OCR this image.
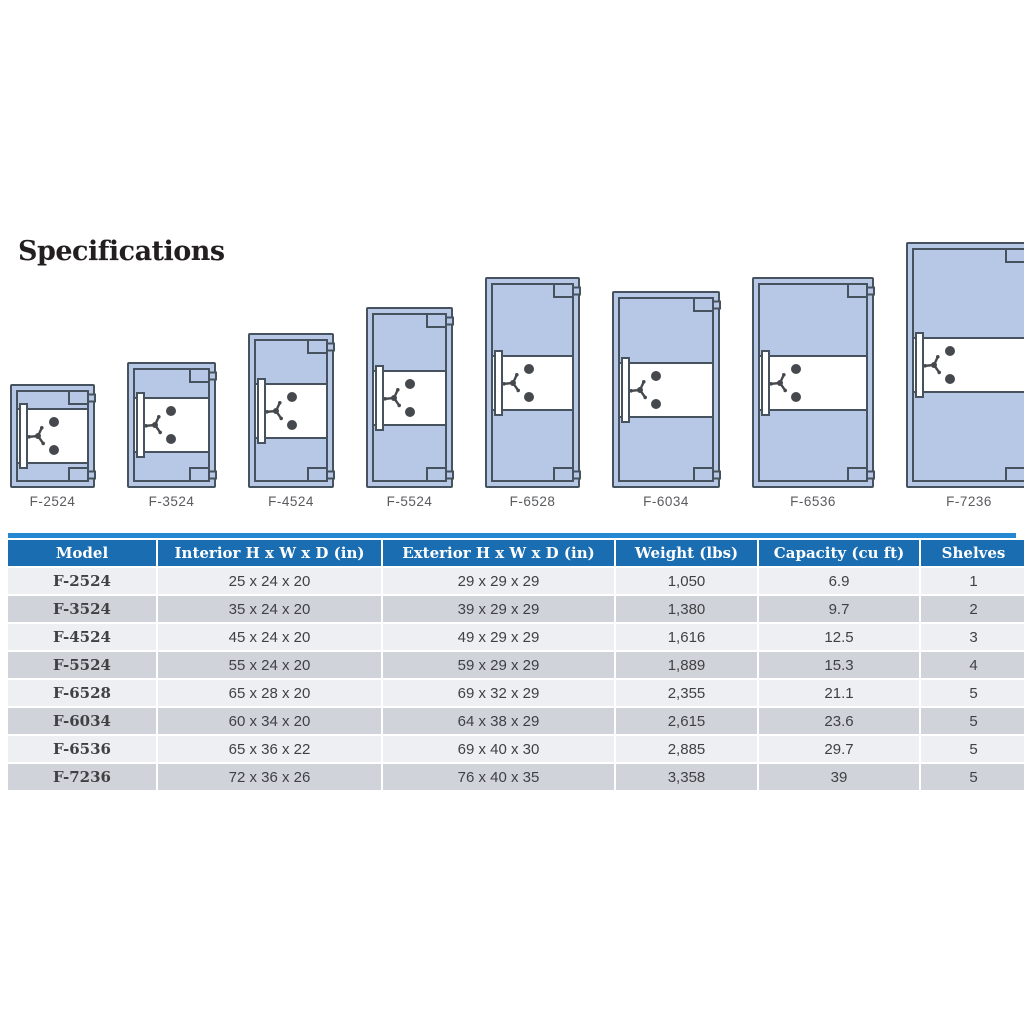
Specifications
F-2524	F-3524	F-4524	F-5524	F-6528	F-6034	F-6536	F-7236
Model	Interior H x W x D (in)	Exterior H x W x D (in)	Weight (lbs)	Capacity (cu ft)	Shelves
F-2524	25 x 24 x 20	29 x 29 x 29	1,050	6.9	1
F-3524	35 x 24 x 20	39 x 29 x 29	1,380	9.7	2
F-4524	45 x 24 x 20	49 x 29 x 29	1,616	12.5	3
F-5524	55 x 24 x 20	59 x 29 x 29	1,889	15.3	4
F-6528	65 x 28 x 20	69 x 32 x 29	2,355	21.1	5
F-6034	60 x 34 x 20	64 x 38 x 29	2,615	23.6	5
F-6536	65 x 36 x 22	69 x 40 x 30	2,885	29.7	5
F-7236	72 x 36 x 26	76 x 40 x 35	3,358	39	5
